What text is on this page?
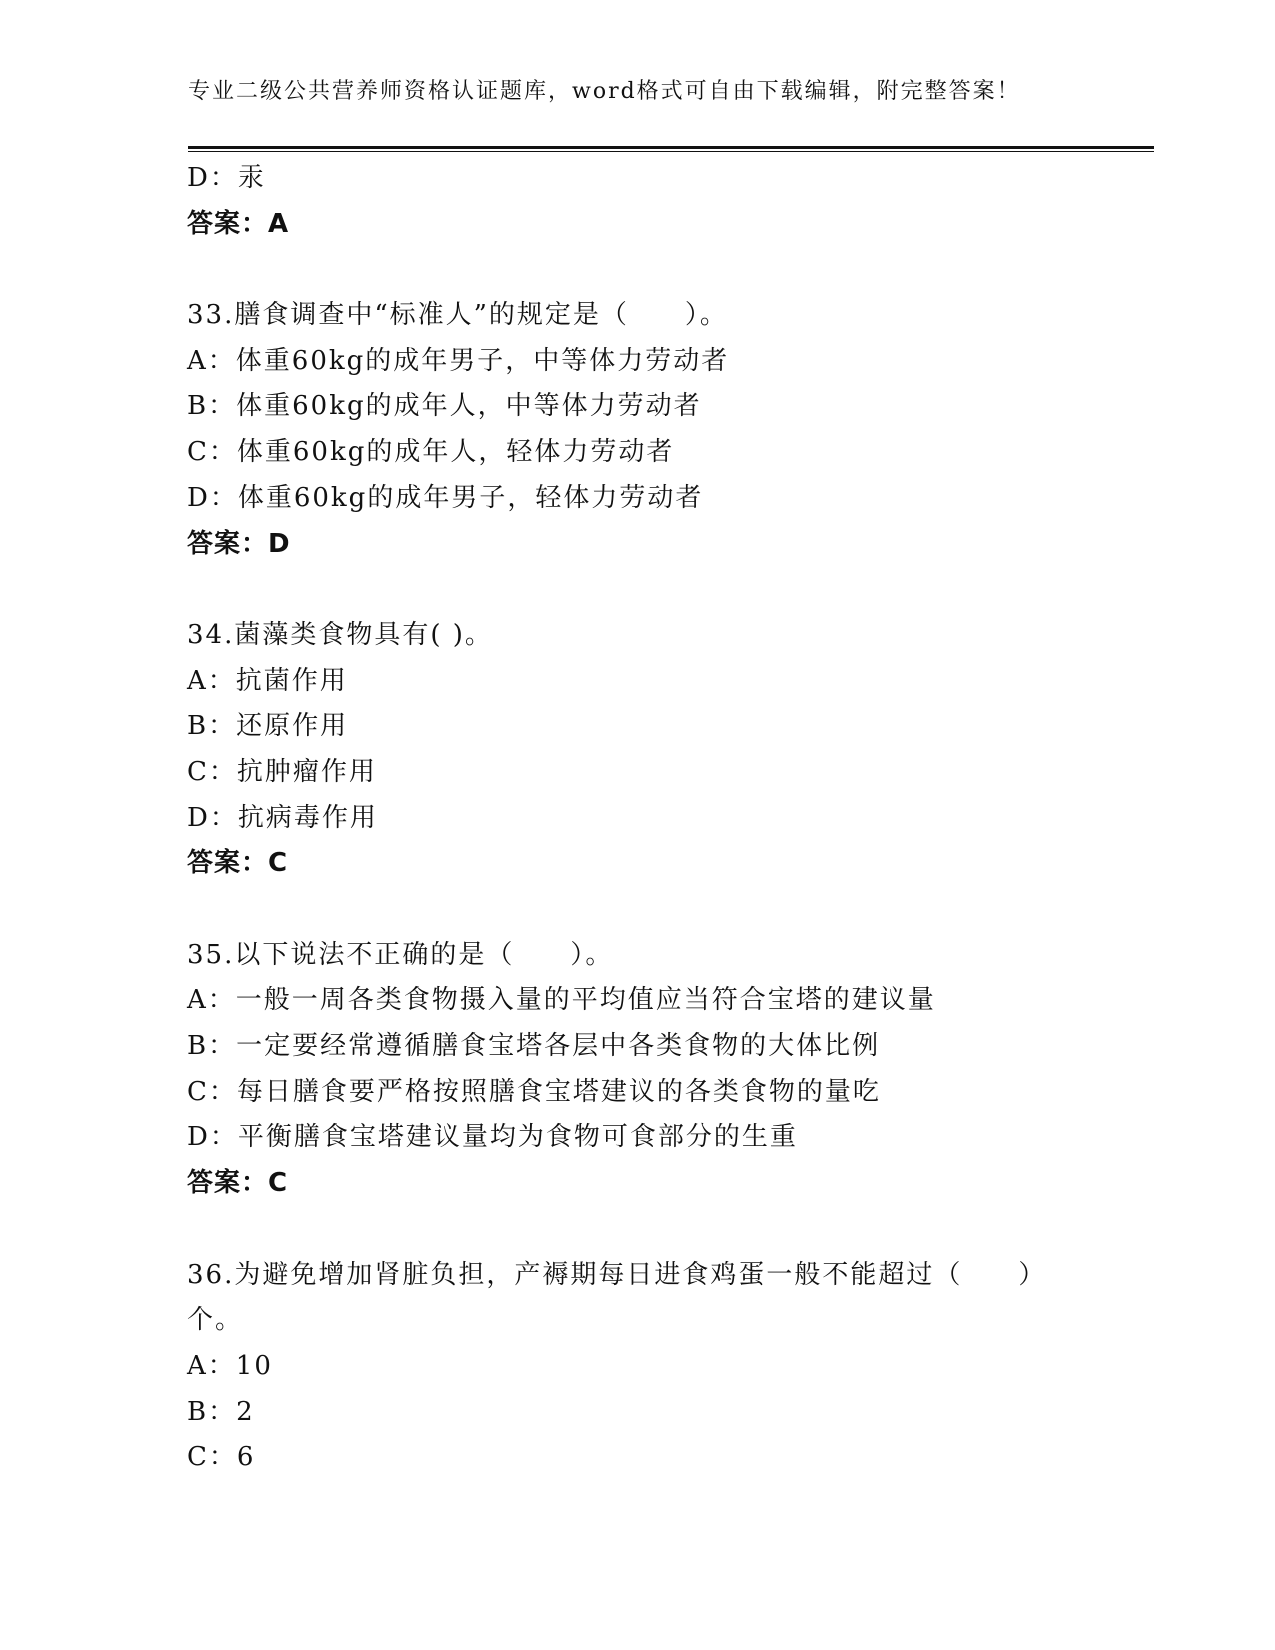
专业二级公共营养师资格认证题库，word格式可自由下载编辑，附完整答案！
D：汞
答案：A
33.膳食调查中“标准人”的规定是（　　）。
A：体重60kg的成年男子，中等体力劳动者
B：体重60kg的成年人，中等体力劳动者
C：体重60kg的成年人，轻体力劳动者
D：体重60kg的成年男子，轻体力劳动者
答案：D
34.菌藻类食物具有( )。
A：抗菌作用
B：还原作用
C：抗肿瘤作用
D：抗病毒作用
答案：C
35.以下说法不正确的是（　　）。
A：一般一周各类食物摄入量的平均值应当符合宝塔的建议量
B：一定要经常遵循膳食宝塔各层中各类食物的大体比例
C：每日膳食要严格按照膳食宝塔建议的各类食物的量吃
D：平衡膳食宝塔建议量均为食物可食部分的生重
答案：C
36.为避免增加肾脏负担，产褥期每日进食鸡蛋一般不能超过（　　）
个。
A：10
B：2
C：6
